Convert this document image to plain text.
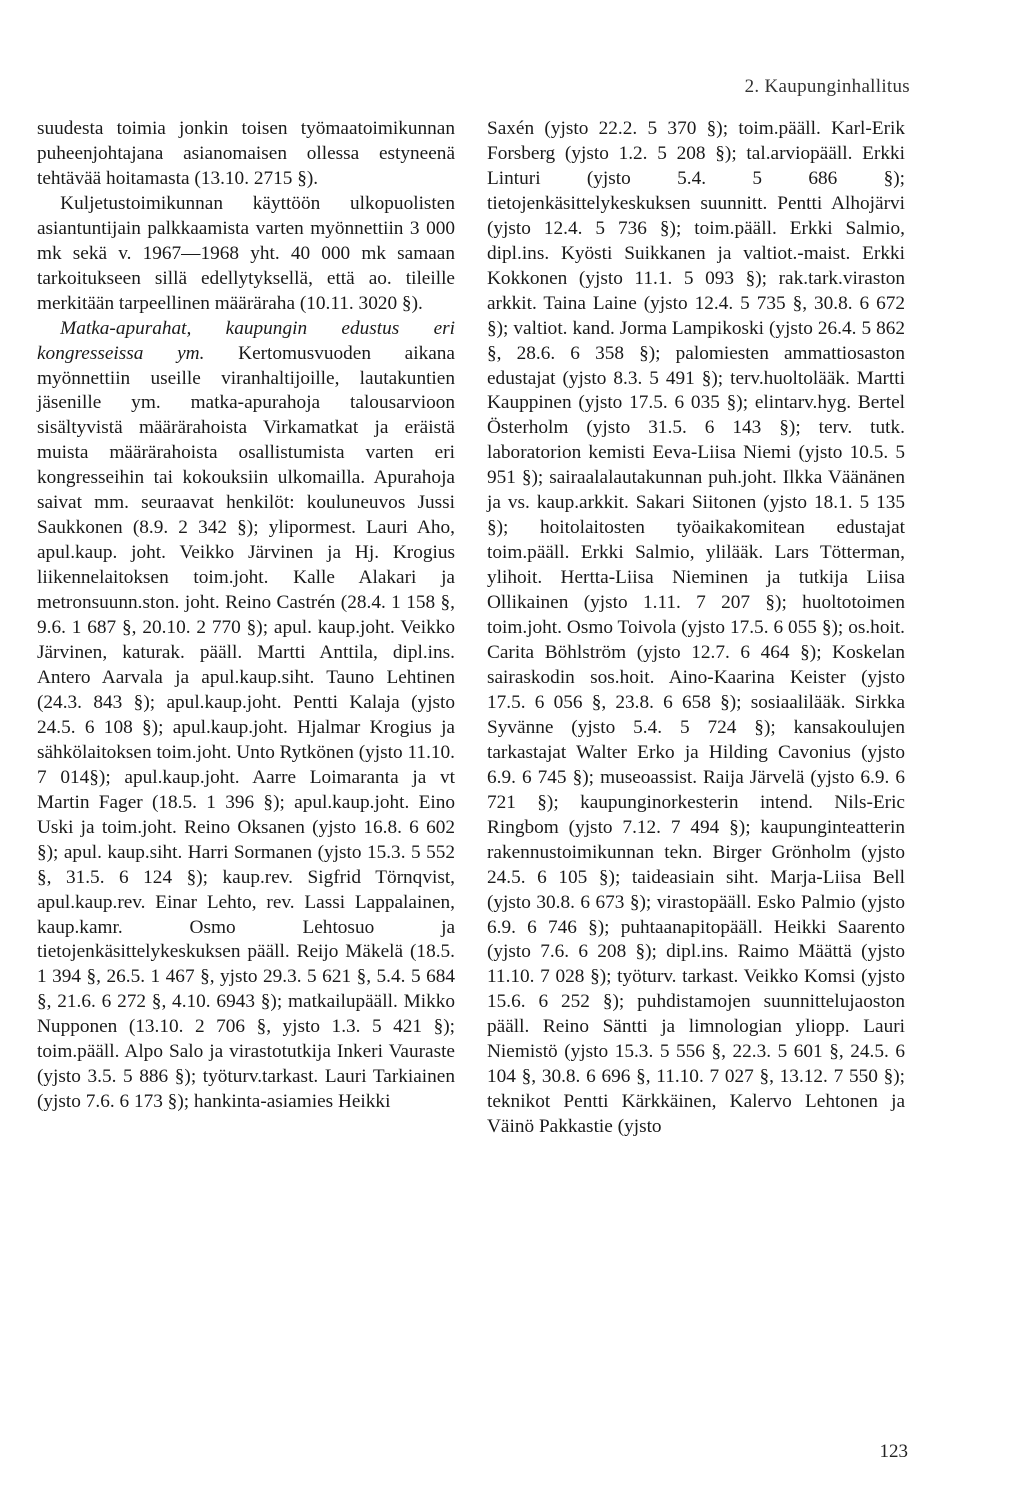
2. Kaupunginhallitus

suudesta toimia jonkin toisen työmaatoimikunnan puheenjohtajana asianomaisen ollessa estyneenä tehtävää hoitamasta (13.10. 2715 §).

Kuljetustoimikunnan käyttöön ulkopuolisten asiantuntijain palkkaamista varten myönnettiin 3 000 mk sekä v. 1967—1968 yht. 40 000 mk samaan tarkoitukseen sillä edellytyksellä, että ao. tileille merkitään tarpeellinen määräraha (10.11. 3020 §).

Matka-apurahat, kaupungin edustus eri kongresseissa ym. Kertomusvuoden aikana myönnettiin useille viranhaltijoille, lautakuntien jäsenille ym. matka-apurahoja talousarvioon sisältyvistä määrärahoista Virkamatkat ja eräistä muista määrärahoista osallistumista varten eri kongresseihin tai kokouksiin ulkomailla. Apurahoja saivat mm. seuraavat henkilöt: kouluneuvos Jussi Saukkonen (8.9. 2 342 §); ylipormest. Lauri Aho, apul.kaup. joht. Veikko Järvinen ja Hj. Krogius liikennelaitoksen toim.joht. Kalle Alakari ja metronsuunn.ston. joht. Reino Castrén (28.4. 1 158 §, 9.6. 1 687 §, 20.10. 2 770 §); apul. kaup.joht. Veikko Järvinen, katurak. pääll. Martti Anttila, dipl.ins. Antero Aarvala ja apul.kaup.siht. Tauno Lehtinen (24.3. 843 §); apul.kaup.joht. Pentti Kalaja (yjsto 24.5. 6 108 §); apul.kaup.joht. Hjalmar Krogius ja sähkölaitoksen toim.joht. Unto Rytkönen (yjsto 11.10. 7 014§); apul.kaup.joht. Aarre Loimaranta ja vt Martin Fager (18.5. 1 396 §); apul.kaup.joht. Eino Uski ja toim.joht. Reino Oksanen (yjsto 16.8. 6 602 §); apul. kaup.siht. Harri Sormanen (yjsto 15.3. 5 552 §, 31.5. 6 124 §); kaup.rev. Sigfrid Törnqvist, apul.kaup.rev. Einar Lehto, rev. Lassi Lappalainen, kaup.kamr. Osmo Lehtosuo ja tietojenkäsittelykeskuksen pääll. Reijo Mäkelä (18.5. 1 394 §, 26.5. 1 467 §, yjsto 29.3. 5 621 §, 5.4. 5 684 §, 21.6. 6 272 §, 4.10. 6943 §); matkailupääll. Mikko Nupponen (13.10. 2 706 §, yjsto 1.3. 5 421 §); toim.pääll. Alpo Salo ja virastotutkija Inkeri Vauraste (yjsto 3.5. 5 886 §); työturv.tarkast. Lauri Tarkiainen (yjsto 7.6. 6 173 §); hankinta-asiamies Heikki

Saxén (yjsto 22.2. 5 370 §); toim.pääll. Karl-Erik Forsberg (yjsto 1.2. 5 208 §); tal.arviopääll. Erkki Linturi (yjsto 5.4. 5 686 §); tietojenkäsittelykeskuksen suunnitt. Pentti Alhojärvi (yjsto 12.4. 5 736 §); toim.pääll. Erkki Salmio, dipl.ins. Kyösti Suikkanen ja valtiot.-maist. Erkki Kokkonen (yjsto 11.1. 5 093 §); rak.tark.viraston arkkit. Taina Laine (yjsto 12.4. 5 735 §, 30.8. 6 672 §); valtiot. kand. Jorma Lampikoski (yjsto 26.4. 5 862 §, 28.6. 6 358 §); palomiesten ammattiosaston edustajat (yjsto 8.3. 5 491 §); terv.huoltolääk. Martti Kauppinen (yjsto 17.5. 6 035 §); elintarv.hyg. Bertel Österholm (yjsto 31.5. 6 143 §); terv. tutk. laboratorion kemisti Eeva-Liisa Niemi (yjsto 10.5. 5 951 §); sairaalalautakunnan puh.joht. Ilkka Väänänen ja vs. kaup.arkkit. Sakari Siitonen (yjsto 18.1. 5 135 §); hoitolaitosten työaikakomitean edustajat toim.pääll. Erkki Salmio, ylilääk. Lars Tötterman, ylihoit. Hertta-Liisa Nieminen ja tutkija Liisa Ollikainen (yjsto 1.11. 7 207 §); huoltotoimen toim.joht. Osmo Toivola (yjsto 17.5. 6 055 §); os.hoit. Carita Böhlström (yjsto 12.7. 6 464 §); Koskelan sairaskodin sos.hoit. Aino-Kaarina Keister (yjsto 17.5. 6 056 §, 23.8. 6 658 §); sosiaalilääk. Sirkka Syvänne (yjsto 5.4. 5 724 §); kansakoulujen tarkastajat Walter Erko ja Hilding Cavonius (yjsto 6.9. 6 745 §); museoassist. Raija Järvelä (yjsto 6.9. 6 721 §); kaupunginorkesterin intend. Nils-Eric Ringbom (yjsto 7.12. 7 494 §); kaupunginteatterin rakennustoimikunnan tekn. Birger Grönholm (yjsto 24.5. 6 105 §); taideasiain siht. Marja-Liisa Bell (yjsto 30.8. 6 673 §); virastopääll. Esko Palmio (yjsto 6.9. 6 746 §); puhtaanapitopääll. Heikki Saarento (yjsto 7.6. 6 208 §); dipl.ins. Raimo Määttä (yjsto 11.10. 7 028 §); työturv. tarkast. Veikko Komsi (yjsto 15.6. 6 252 §); puhdistamojen suunnittelujaoston pääll. Reino Säntti ja limnologian yliopp. Lauri Niemistö (yjsto 15.3. 5 556 §, 22.3. 5 601 §, 24.5. 6 104 §, 30.8. 6 696 §, 11.10. 7 027 §, 13.12. 7 550 §); teknikot Pentti Kärkkäinen, Kalervo Lehtonen ja Väinö Pakkastie (yjsto

123
